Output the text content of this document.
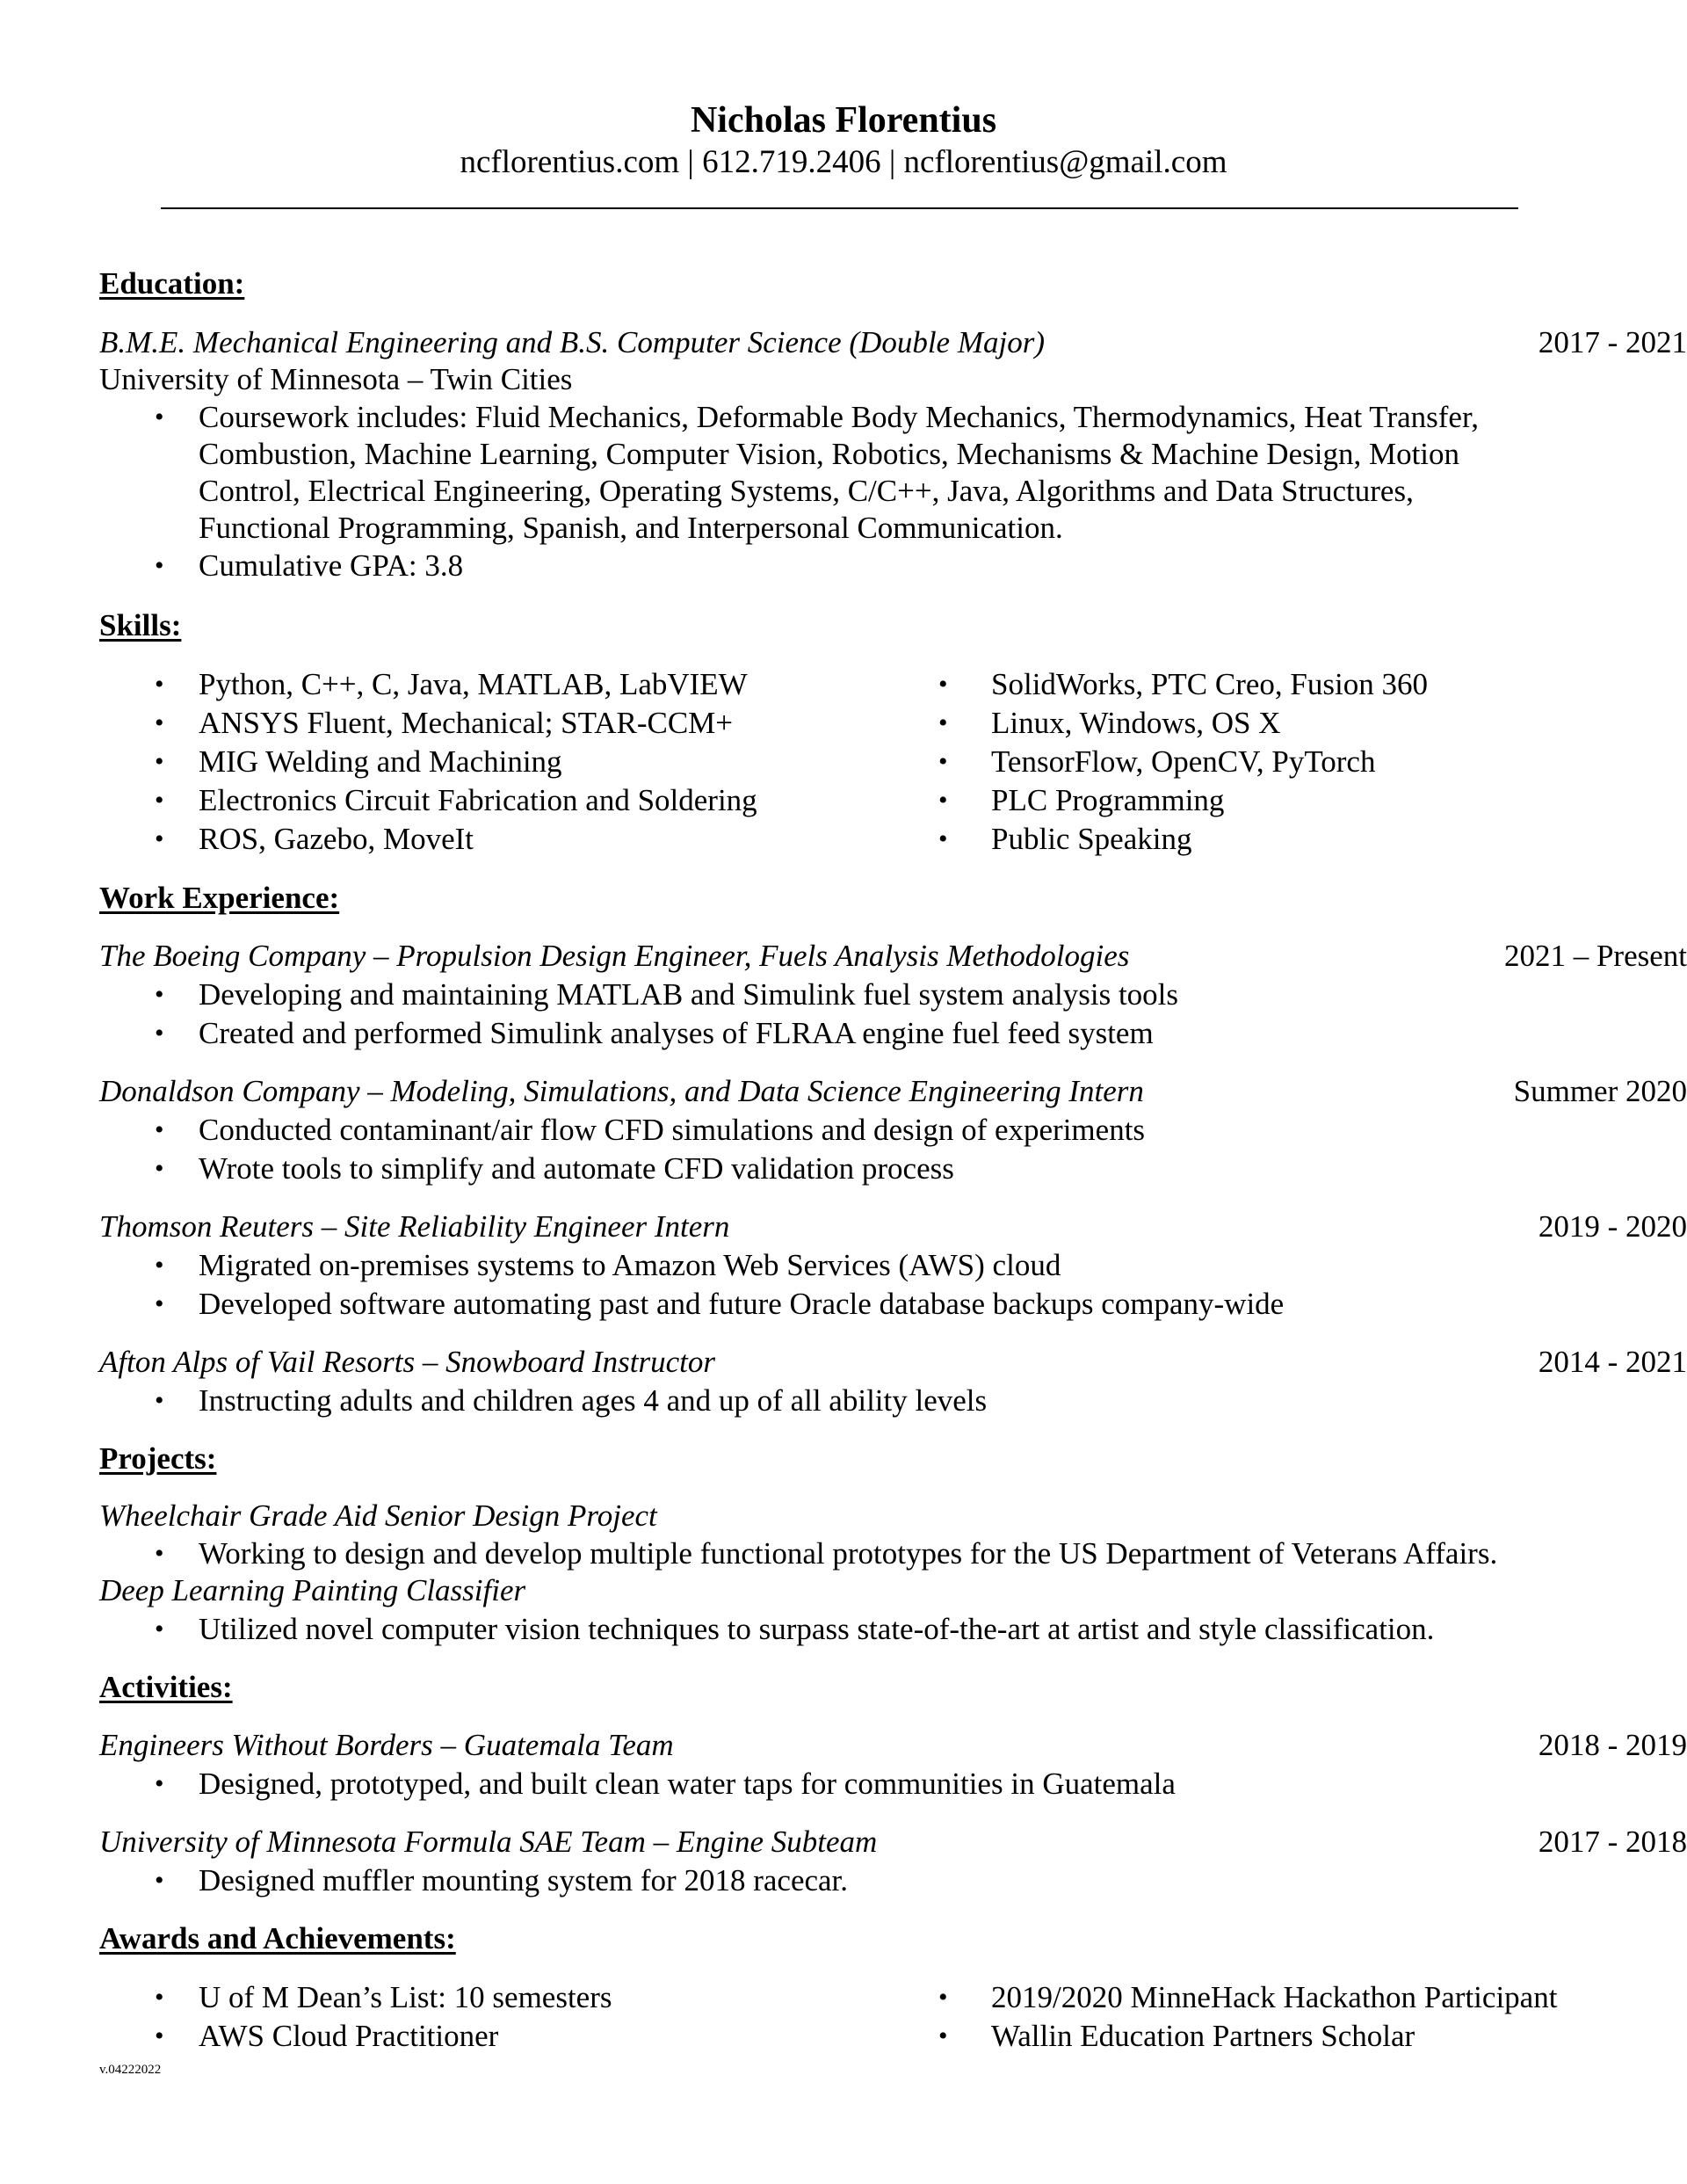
Nicholas Florentius
ncflorentius.com | 612.719.2406 | ncflorentius@gmail.com
Education:
B.M.E. Mechanical Engineering and B.S. Computer Science (Double Major)	2017 - 2021
University of Minnesota – Twin Cities
• Coursework includes: Fluid Mechanics, Deformable Body Mechanics, Thermodynamics, Heat Transfer,
Combustion, Machine Learning, Computer Vision, Robotics, Mechanisms & Machine Design, Motion
Control, Electrical Engineering, Operating Systems, C/C++, Java, Algorithms and Data Structures,
Functional Programming, Spanish, and Interpersonal Communication.
• Cumulative GPA: 3.8
Skills:
• Python, C++, C, Java, MATLAB, LabVIEW
• ANSYS Fluent, Mechanical; STAR-CCM+
• MIG Welding and Machining
• Electronics Circuit Fabrication and Soldering
• ROS, Gazebo, MoveIt
• SolidWorks, PTC Creo, Fusion 360
• Linux, Windows, OS X
• TensorFlow, OpenCV, PyTorch
• PLC Programming
• Public Speaking
Work Experience:
The Boeing Company – Propulsion Design Engineer, Fuels Analysis Methodologies	2021 – Present
• Developing and maintaining MATLAB and Simulink fuel system analysis tools
• Created and performed Simulink analyses of FLRAA engine fuel feed system
Donaldson Company – Modeling, Simulations, and Data Science Engineering Intern	Summer 2020
• Conducted contaminant/air flow CFD simulations and design of experiments
• Wrote tools to simplify and automate CFD validation process
Thomson Reuters – Site Reliability Engineer Intern	2019 - 2020
• Migrated on-premises systems to Amazon Web Services (AWS) cloud
• Developed software automating past and future Oracle database backups company-wide
Afton Alps of Vail Resorts – Snowboard Instructor	2014 - 2021
• Instructing adults and children ages 4 and up of all ability levels
Projects:
Wheelchair Grade Aid Senior Design Project
• Working to design and develop multiple functional prototypes for the US Department of Veterans Affairs.
Deep Learning Painting Classifier
• Utilized novel computer vision techniques to surpass state-of-the-art at artist and style classification.
Activities:
Engineers Without Borders – Guatemala Team	2018 - 2019
• Designed, prototyped, and built clean water taps for communities in Guatemala
University of Minnesota Formula SAE Team – Engine Subteam	2017 - 2018
• Designed muffler mounting system for 2018 racecar.
Awards and Achievements:
• U of M Dean’s List: 10 semesters
• AWS Cloud Practitioner
• 2019/2020 MinneHack Hackathon Participant
• Wallin Education Partners Scholar
v.04222022
